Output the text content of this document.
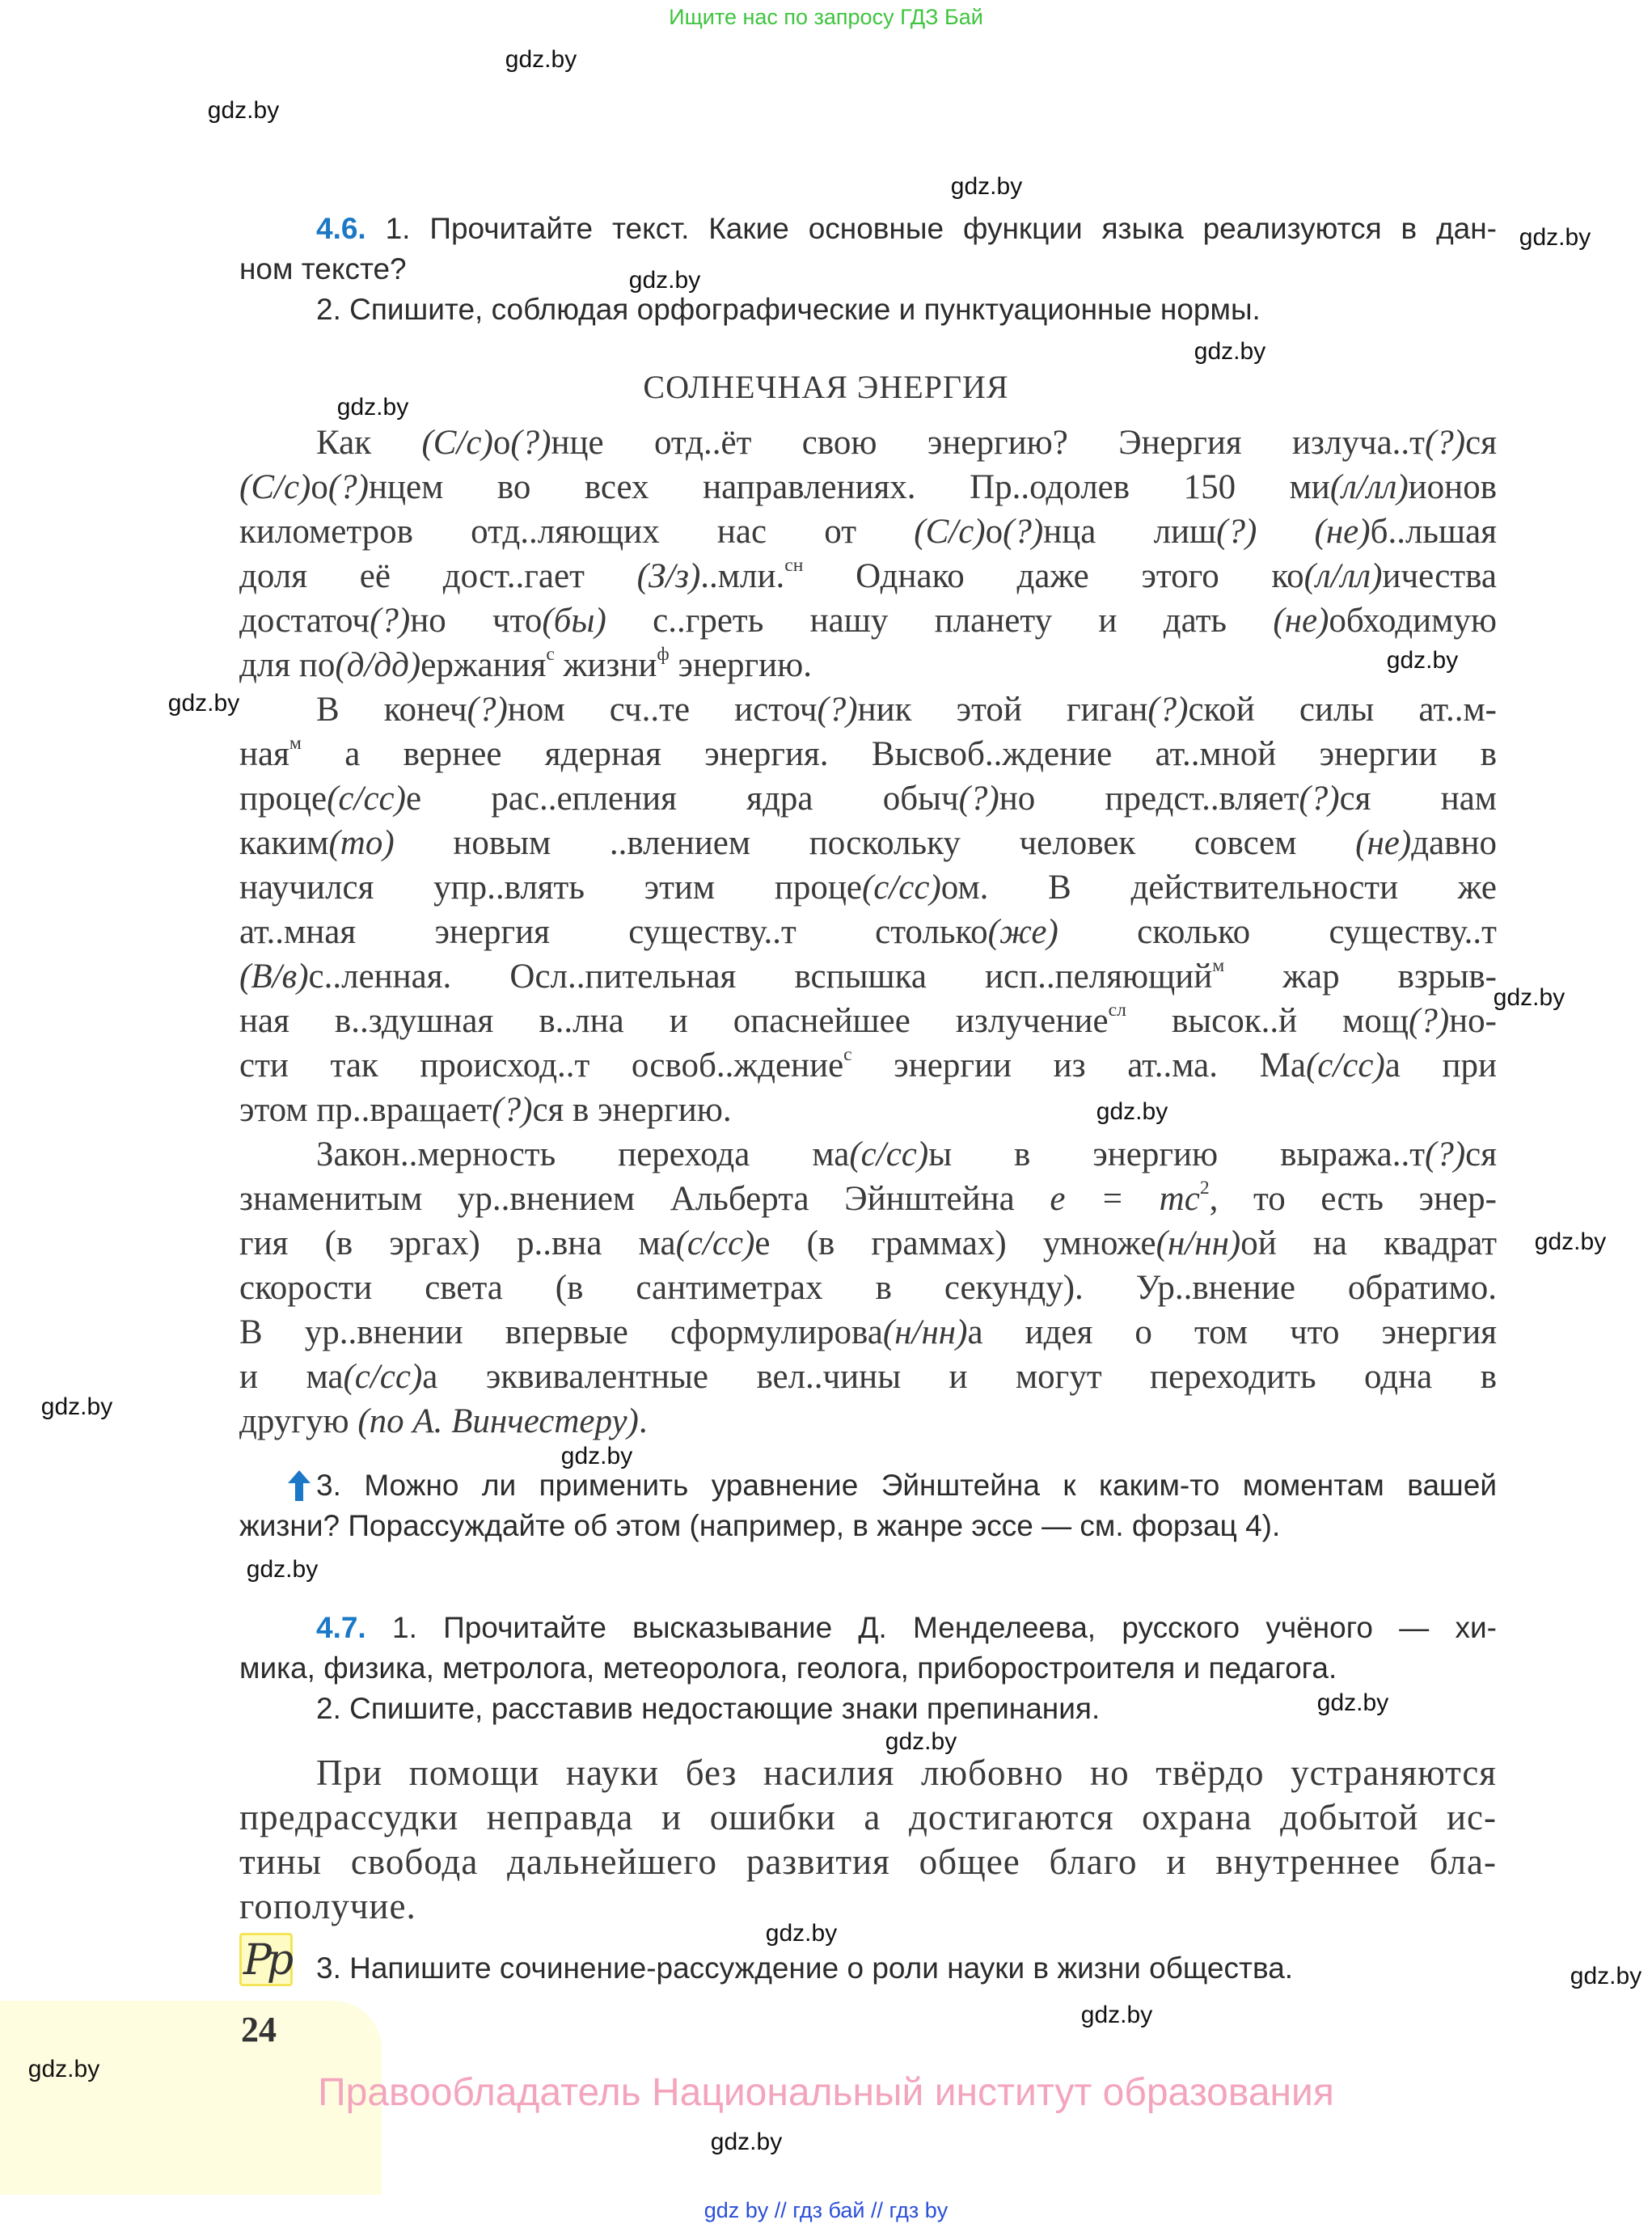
Ищите нас по запросу ГДЗ Бай
gdz.by
gdz.by
gdz.by
gdz.by
gdz.by
gdz.by
gdz.by
gdz.by
gdz.by
gdz.by
gdz.by
gdz.by
gdz.by
gdz.by
gdz.by
gdz.by
gdz.by
gdz.by
gdz.by
gdz.by
gdz.by
gdz.by
4.6. 1. Прочитайте текст. Какие основные функции языка реализуются в дан-
ном тексте?
2. Спишите, соблюдая орфографические и пунктуационные нормы.
СОЛНЕЧНАЯ ЭНЕРГИЯ
Как (С/с)о(?)нце отд..ёт свою энергию? Энергия излуча..т(?)ся
(С/с)о(?)нцем во всех направлениях. Пр..одолев 150 ми(л/лл)ионов
километров отд..ляющих нас от (С/с)о(?)нца лиш(?) (не)б..льшая
доля её дост..гает (З/з)..мли.$^{сн}$ Однако даже этого ко(л/лл)ичества
достаточ(?)но что(бы) с..греть нашу планету и дать (не)обходимую
для по(д/дд)ержания$^с$ жизни$^ф$ энергию.
В конеч(?)ном сч..те источ(?)ник этой гиган(?)ской силы ат..м-
ная$^м$ а вернее ядерная энергия. Высвоб..ждение ат..мной энергии в
проце(с/сс)е рас..епления ядра обыч(?)но предст..вляет(?)ся нам
каким(то) новым ..влением поскольку человек совсем (не)давно
научился упр..влять этим проце(с/сс)ом. В действительности же
ат..мная энергия существу..т столько(же) сколько существу..т
(В/в)с..ленная. Осл..пительная вспышка исп..пеляющий$^м$ жар взрыв-
ная в..здушная в..лна и опаснейшее излучение$^{сл}$ высок..й мощ(?)но-
сти так происход..т освоб..ждение$^с$ энергии из ат..ма. Ма(с/сс)а при
этом пр..вращает(?)ся в энергию.
Закон..мерность перехода ма(с/сс)ы в энергию выража..т(?)ся
знаменитым ур..внением Альберта Эйнштейна $e = mc^2$, то есть энер-
гия (в эргах) р..вна ма(с/сс)е (в граммах) умноже(н/нн)ой на квадрат
скорости света (в сантиметрах в секунду). Ур..внение обратимо.
В ур..внении впервые сформулирова(н/нн)а идея о том что энергия
и ма(с/сс)а эквивалентные вел..чины и могут переходить одна в
другую (по А. Винчестеру).
3. Можно ли применить уравнение Эйнштейна к каким-то моментам вашей
жизни? Порассуждайте об этом (например, в жанре эссе — см. форзац 4).
4.7. 1. Прочитайте высказывание Д. Менделеева, русского учёного — хи-
мика, физика, метролога, метеоролога, геолога, приборостроителя и педагога.
2. Спишите, расставив недостающие знаки препинания.
При помощи науки без насилия любовно но твёрдо устраняются
предрассудки неправда и ошибки а достигаются охрана добытой ис-
тины свобода дальнейшего развития общее благо и внутреннее бла-
гополучие.
Pp 3. Напишите сочинение-рассуждение о роли науки в жизни общества.
24
Правообладатель Национальный институт образования
gdz by // гдз бай // гдз by
